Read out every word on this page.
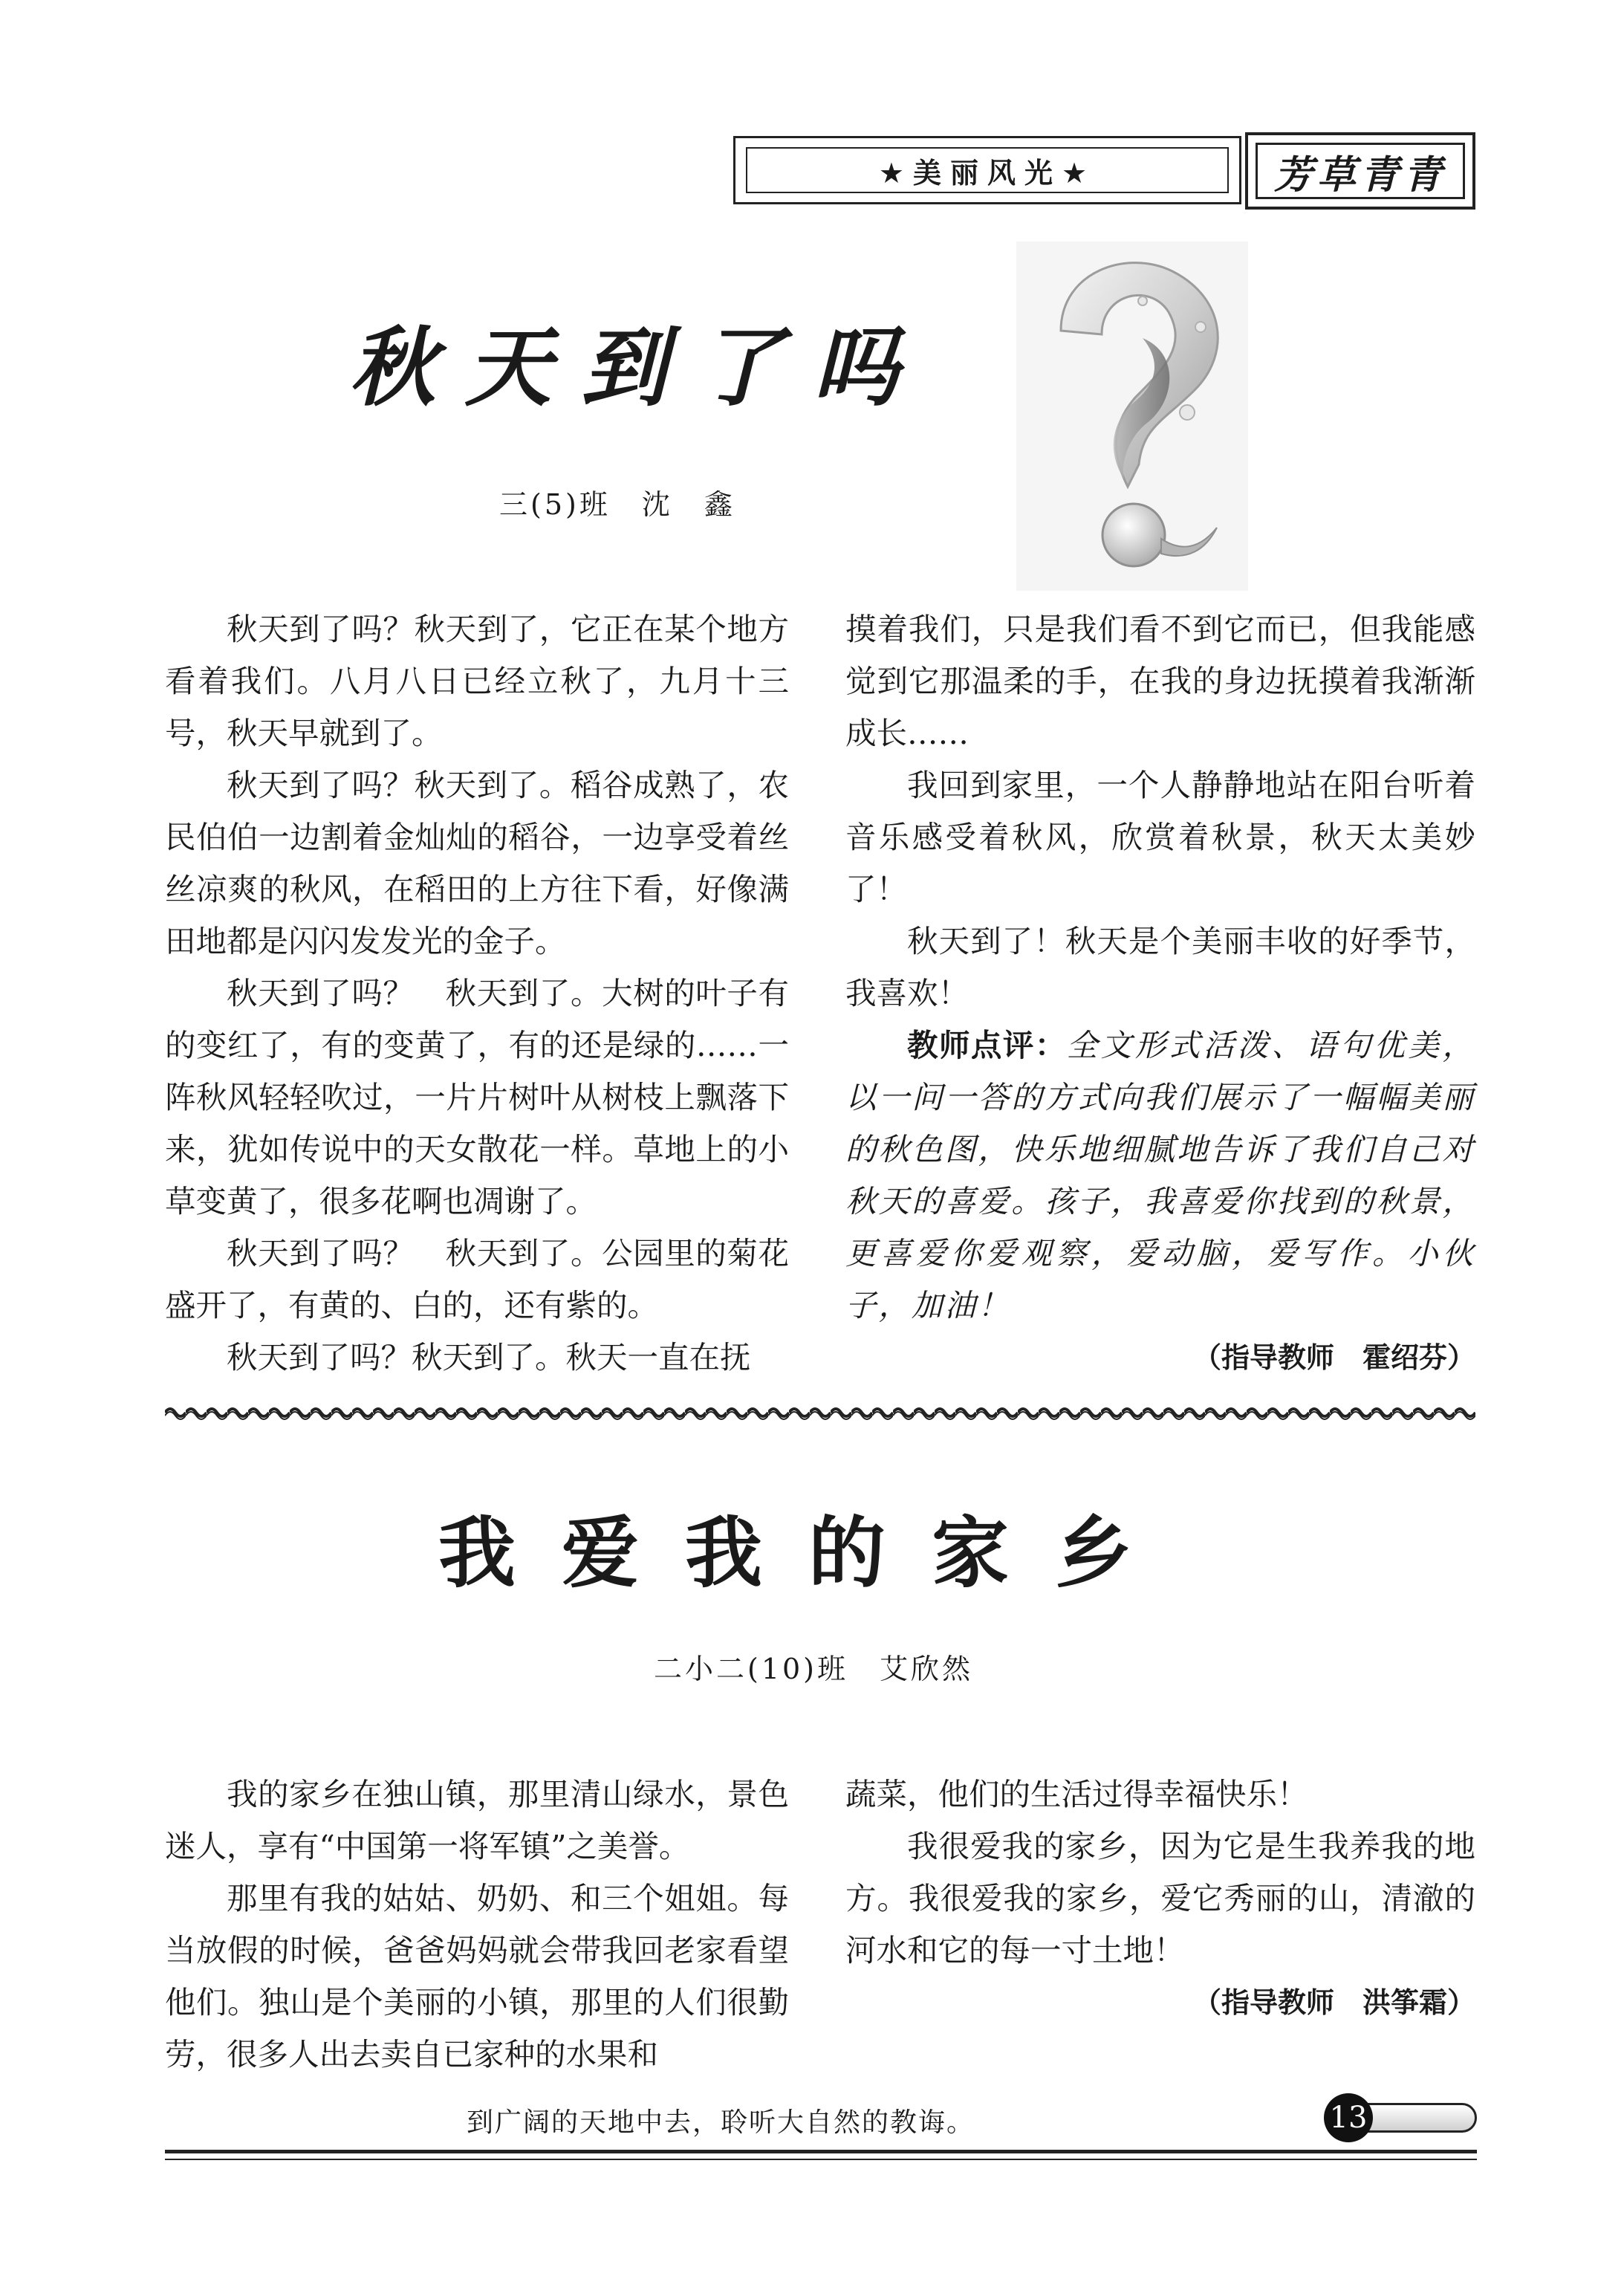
★美丽风光★	芳草青青
秋天到了吗
三(5)班　沈　鑫

秋天到了吗？秋天到了，它正在某个地方看着我们。八月八日已经立秋了，九月十三号，秋天早就到了。

秋天到了吗？秋天到了。稻谷成熟了，农民伯伯一边割着金灿灿的稻谷，一边享受着丝丝凉爽的秋风，在稻田的上方往下看，好像满田地都是闪闪发发光的金子。

秋天到了吗？　秋天到了。大树的叶子有的变红了，有的变黄了，有的还是绿的……一阵秋风轻轻吹过，一片片树叶从树枝上飘落下来，犹如传说中的天女散花一样。草地上的小草变黄了，很多花啊也凋谢了。

秋天到了吗？　秋天到了。公园里的菊花盛开了，有黄的、白的，还有紫的。

秋天到了吗？秋天到了。秋天一直在抚

摸着我们，只是我们看不到它而已，但我能感觉到它那温柔的手，在我的身边抚摸着我渐渐成长……

我回到家里，一个人静静地站在阳台听着音乐感受着秋风，欣赏着秋景，秋天太美妙了！

秋天到了！秋天是个美丽丰收的好季节，我喜欢！

教师点评：全文形式活泼、语句优美，以一问一答的方式向我们展示了一幅幅美丽的秋色图，快乐地细腻地告诉了我们自己对秋天的喜爱。孩子，我喜爱你找到的秋景，更喜爱你爱观察，爱动脑，爱写作。小伙子，加油！

（指导教师　霍绍芬）
我爱我的家乡
二小二(10)班　艾欣然

我的家乡在独山镇，那里清山绿水，景色迷人，享有“中国第一将军镇”之美誉。

那里有我的姑姑、奶奶、和三个姐姐。每当放假的时候，爸爸妈妈就会带我回老家看望他们。独山是个美丽的小镇，那里的人们很勤劳，很多人出去卖自已家种的水果和

蔬菜，他们的生活过得幸福快乐！

我很爱我的家乡，因为它是生我养我的地方。我很爱我的家乡，爱它秀丽的山，清澈的河水和它的每一寸土地！

（指导教师　洪筝霜）
到广阔的天地中去，聆听大自然的教诲。	13
